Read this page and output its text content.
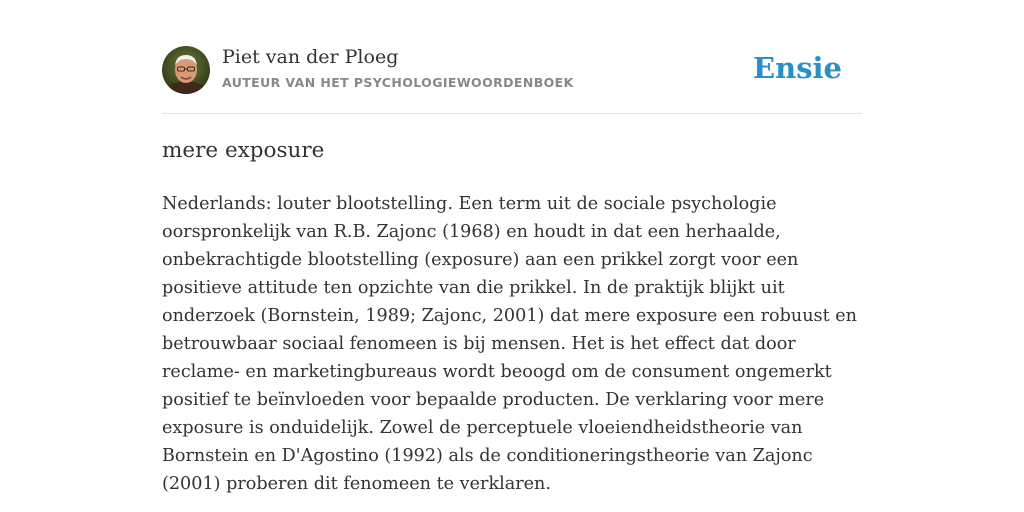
Piet van der Ploeg
AUTEUR VAN HET PSYCHOLOGIEWOORDENBOEK	Ensie
mere exposure

Nederlands: louter blootstelling. Een term uit de sociale psychologie oorspronkelijk van R.B. Zajonc (1968) en houdt in dat een herhaalde, onbekrachtigde blootstelling (exposure) aan een prikkel zorgt voor een positieve attitude ten opzichte van die prikkel. In de praktijk blijkt uit onderzoek (Bornstein, 1989; Zajonc, 2001) dat mere exposure een robuust en betrouwbaar sociaal fenomeen is bij mensen. Het is het effect dat door reclame- en marketingbureaus wordt beoogd om de consument ongemerkt positief te beïnvloeden voor bepaalde producten. De verklaring voor mere exposure is onduidelijk. Zowel de perceptuele vloeiendheidstheorie van Bornstein en D'Agostino (1992) als de conditioneringstheorie van Zajonc (2001) proberen dit fenomeen te verklaren.
